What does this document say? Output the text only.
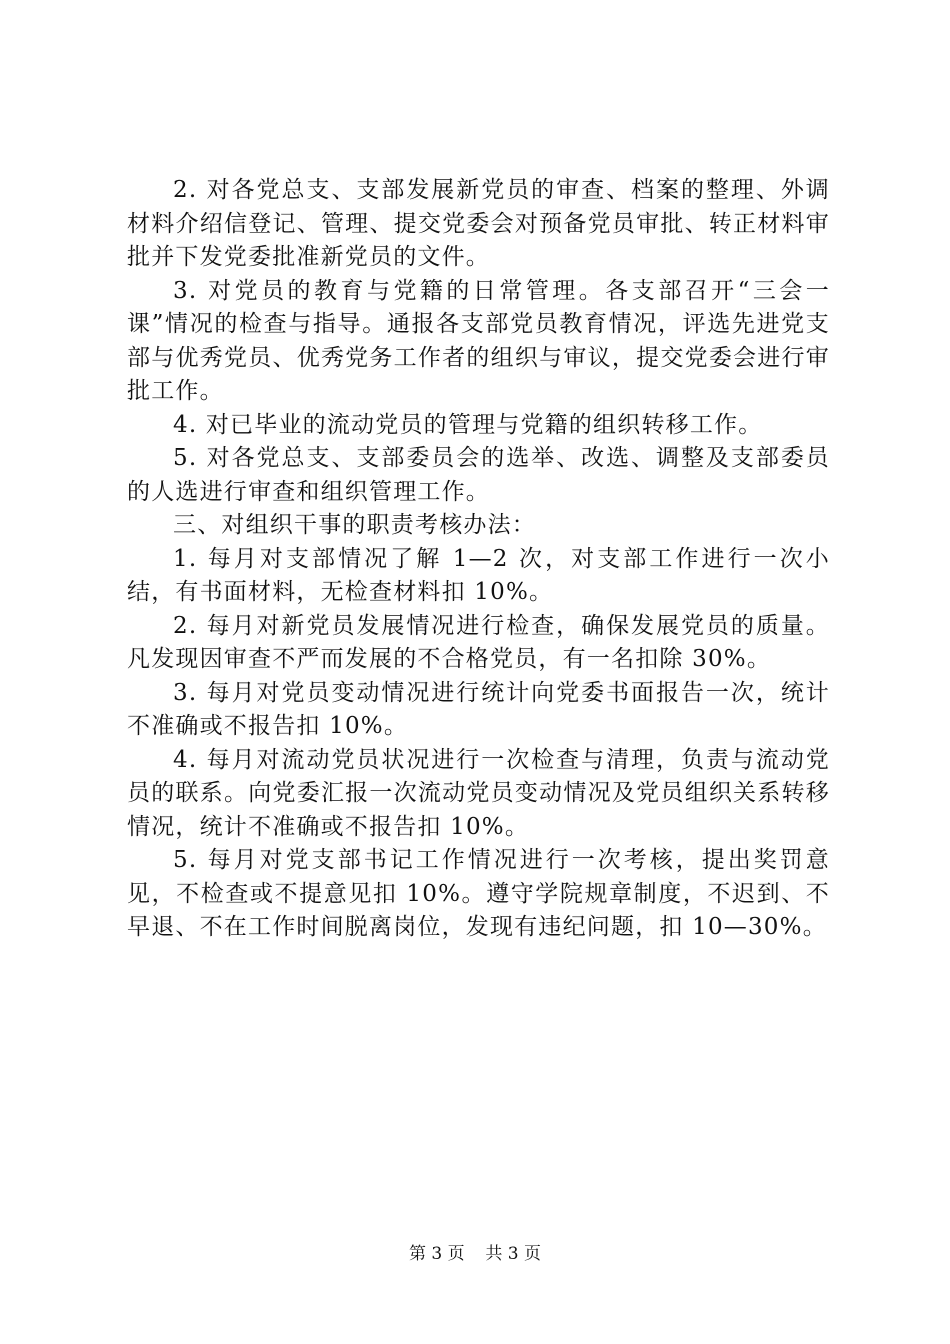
2. 对各党总支、支部发展新党员的审查、档案的整理、外调材料介绍信登记、管理、提交党委会对预备党员审批、转正材料审批并下发党委批准新党员的文件。

3. 对党员的教育与党籍的日常管理。各支部召开“三会一课”情况的检查与指导。通报各支部党员教育情况，评选先进党支部与优秀党员、优秀党务工作者的组织与审议，提交党委会进行审批工作。

4. 对已毕业的流动党员的管理与党籍的组织转移工作。

5. 对各党总支、支部委员会的选举、改选、调整及支部委员的人选进行审查和组织管理工作。

三、对组织干事的职责考核办法：

1. 每月对支部情况了解 1—2 次，对支部工作进行一次小结，有书面材料，无检查材料扣 10%。

2. 每月对新党员发展情况进行检查，确保发展党员的质量。凡发现因审查不严而发展的不合格党员，有一名扣除 30%。

3. 每月对党员变动情况进行统计向党委书面报告一次，统计不准确或不报告扣 10%。

4. 每月对流动党员状况进行一次检查与清理，负责与流动党员的联系。向党委汇报一次流动党员变动情况及党员组织关系转移情况，统计不准确或不报告扣 10%。

5. 每月对党支部书记工作情况进行一次考核，提出奖罚意见，不检查或不提意见扣 10%。遵守学院规章制度，不迟到、不早退、不在工作时间脱离岗位，发现有违纪问题，扣 10—30%。

第 3 页 共 3 页
